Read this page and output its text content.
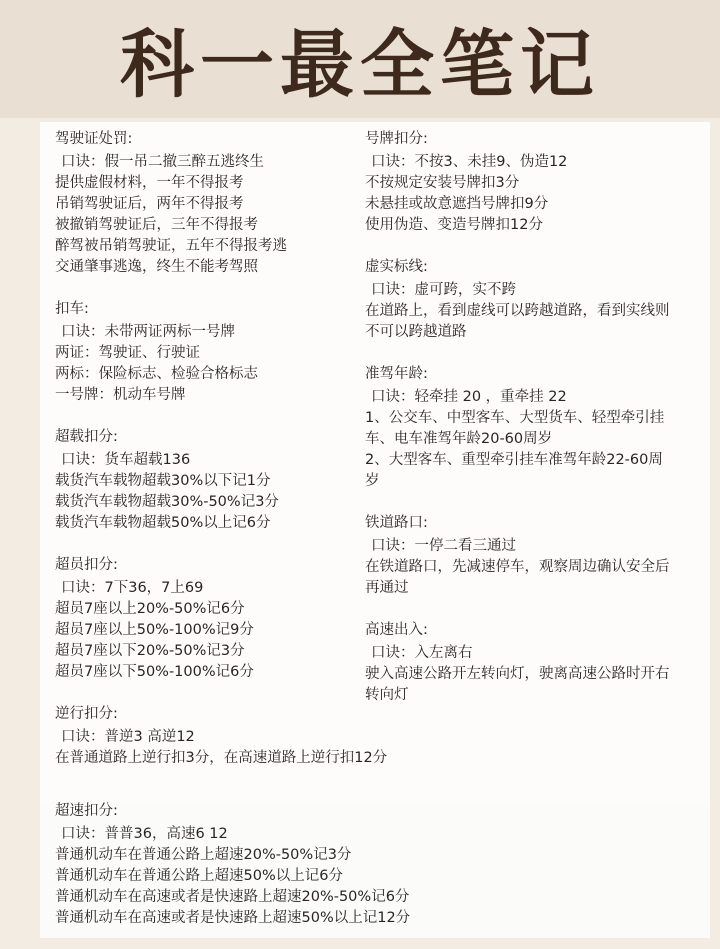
科一最全笔记
驾驶证处罚:

口诀：假一吊二撤三醉五逃终生

提供虚假材料，一年不得报考

吊销驾驶证后，两年不得报考

被撤销驾驶证后，三年不得报考

醉驾被吊销驾驶证，五年不得报考逃

交通肇事逃逸，终生不能考驾照

扣车:

口诀：未带两证两标一号牌

两证：驾驶证、行驶证

两标：保险标志、检验合格标志

一号牌：机动车号牌

超载扣分:

口诀：货车超载136

载货汽车载物超载30%以下记1分

载货汽车载物超载30%-50%记3分

载货汽车载物超载50%以上记6分

超员扣分:

口诀：7下36，7上69

超员7座以上20%-50%记6分

超员7座以上50%-100%记9分

超员7座以下20%-50%记3分

超员7座以下50%-100%记6分

逆行扣分:

口诀：普逆3 高逆12

在普通道路上逆行扣3分，在高速道路上逆行扣12分

号牌扣分:

口诀：不按3、未挂9、伪造12

不按规定安装号牌扣3分

未悬挂或故意遮挡号牌扣9分

使用伪造、变造号牌扣12分

虚实标线:

口诀：虚可跨，实不跨

在道路上，看到虚线可以跨越道路，看到实线则不可以跨越道路

准驾年龄:

口诀：轻牵挂 20 ，重牵挂 22

1、公交车、中型客车、大型货车、轻型牵引挂车、电车准驾年龄20-60周岁

2、大型客车、重型牵引挂车准驾年龄22-60周岁

铁道路口:

口诀：一停二看三通过

在铁道路口，先减速停车，观察周边确认安全后再通过

高速出入:

口诀：入左离右

驶入高速公路开左转向灯，驶离高速公路时开右转向灯

超速扣分:

口诀：普普36，高速6 12

普通机动车在普通公路上超速20%-50%记3分

普通机动车在普通公路上超速50%以上记6分

普通机动车在高速或者是快速路上超速20%-50%记6分

普通机动车在高速或者是快速路上超速50%以上记12分
